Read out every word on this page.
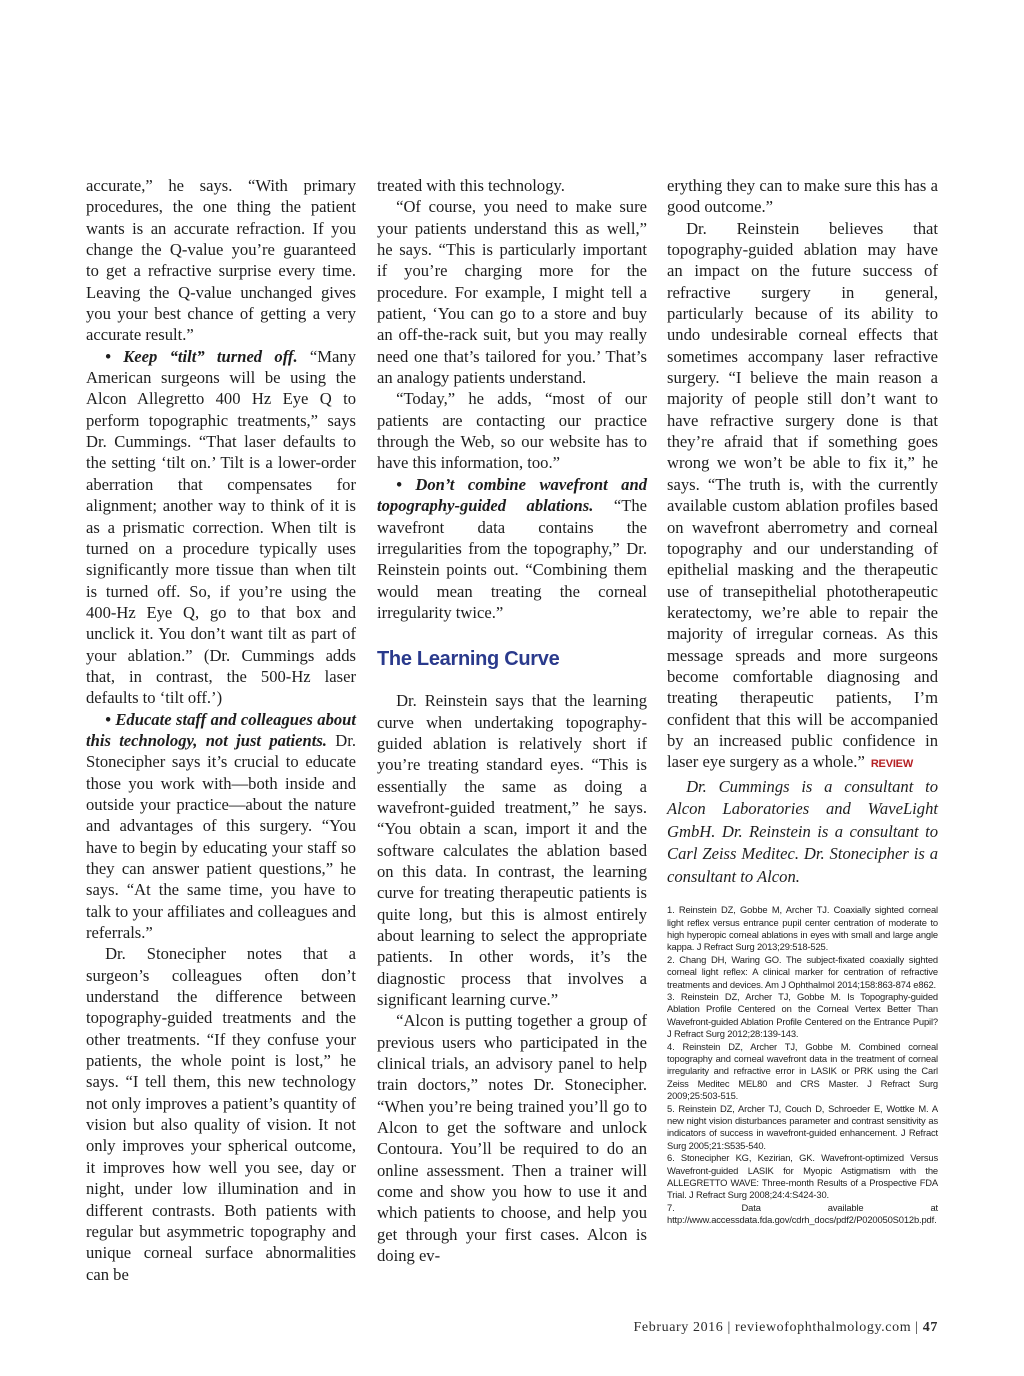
accurate,” he says. “With primary procedures, the one thing the patient wants is an accurate refraction. If you change the Q-value you’re guaranteed to get a refractive surprise every time. Leaving the Q-value unchanged gives you your best chance of getting a very accurate result.”

• Keep “tilt” turned off. “Many American surgeons will be using the Alcon Allegretto 400 Hz Eye Q to perform topographic treatments,” says Dr. Cummings. “That laser defaults to the setting ‘tilt on.’ Tilt is a lower-order aberration that compensates for alignment; another way to think of it is as a prismatic correction. When tilt is turned on a procedure typically uses significantly more tissue than when tilt is turned off. So, if you’re using the 400-Hz Eye Q, go to that box and unclick it. You don’t want tilt as part of your ablation.” (Dr. Cummings adds that, in contrast, the 500-Hz laser defaults to ‘tilt off.’)

• Educate staff and colleagues about this technology, not just patients. Dr. Stonecipher says it’s crucial to educate those you work with—both inside and outside your practice—about the nature and advantages of this surgery. “You have to begin by educating your staff so they can answer patient questions,” he says. “At the same time, you have to talk to your affiliates and colleagues and referrals.”

Dr. Stonecipher notes that a surgeon’s colleagues often don’t understand the difference between topography-guided treatments and the other treatments. “If they confuse your patients, the whole point is lost,” he says. “I tell them, this new technology not only improves a patient’s quantity of vision but also quality of vision. It not only improves your spherical outcome, it improves how well you see, day or night, under low illumination and in different contrasts. Both patients with regular but asymmetric topography and unique corneal surface abnormalities can be

treated with this technology.

“Of course, you need to make sure your patients understand this as well,” he says. “This is particularly important if you’re charging more for the procedure. For example, I might tell a patient, ‘You can go to a store and buy an off-the-rack suit, but you may really need one that’s tailored for you.’ That’s an analogy patients understand.

“Today,” he adds, “most of our patients are contacting our practice through the Web, so our website has to have this information, too.”

• Don’t combine wavefront and topography-guided ablations. “The wavefront data contains the irregularities from the topography,” Dr. Reinstein points out. “Combining them would mean treating the corneal irregularity twice.”

The Learning Curve

Dr. Reinstein says that the learning curve when undertaking topography-guided ablation is relatively short if you’re treating standard eyes. “This is essentially the same as doing a wavefront-guided treatment,” he says. “You obtain a scan, import it and the software calculates the ablation based on this data. In contrast, the learning curve for treating therapeutic patients is quite long, but this is almost entirely about learning to select the appropriate patients. In other words, it’s the diagnostic process that involves a significant learning curve.”

“Alcon is putting together a group of previous users who participated in the clinical trials, an advisory panel to help train doctors,” notes Dr. Stonecipher. “When you’re being trained you’ll go to Alcon to get the software and unlock Contoura. You’ll be required to do an online assessment. Then a trainer will come and show you how to use it and which patients to choose, and help you get through your first cases. Alcon is doing ev-

erything they can to make sure this has a good outcome.”

Dr. Reinstein believes that topography-guided ablation may have an impact on the future success of refractive surgery in general, particularly because of its ability to undo undesirable corneal effects that sometimes accompany laser refractive surgery. “I believe the main reason a majority of people still don’t want to have refractive surgery done is that they’re afraid that if something goes wrong we won’t be able to fix it,” he says. “The truth is, with the currently available custom ablation profiles based on wavefront aberrometry and corneal topography and our understanding of epithelial masking and the therapeutic use of transepithelial phototherapeutic keratectomy, we’re able to repair the majority of irregular corneas. As this message spreads and more surgeons become comfortable diagnosing and treating therapeutic patients, I’m confident that this will be accompanied by an increased public confidence in laser eye surgery as a whole.” REVIEW

Dr. Cummings is a consultant to Alcon Laboratories and WaveLight GmbH. Dr. Reinstein is a consultant to Carl Zeiss Meditec. Dr. Stonecipher is a consultant to Alcon.

1. Reinstein DZ, Gobbe M, Archer TJ. Coaxially sighted corneal light reflex versus entrance pupil center centration of moderate to high hyperopic corneal ablations in eyes with small and large angle kappa. J Refract Surg 2013;29:518-525.
2. Chang DH, Waring GO. The subject-fixated coaxially sighted corneal light reflex: A clinical marker for centration of refractive treatments and devices. Am J Ophthalmol 2014;158:863-874 e862.
3. Reinstein DZ, Archer TJ, Gobbe M. Is Topography-guided Ablation Profile Centered on the Corneal Vertex Better Than Wavefront-guided Ablation Profile Centered on the Entrance Pupil? J Refract Surg 2012;28:139-143.
4. Reinstein DZ, Archer TJ, Gobbe M. Combined corneal topography and corneal wavefront data in the treatment of corneal irregularity and refractive error in LASIK or PRK using the Carl Zeiss Meditec MEL80 and CRS Master. J Refract Surg 2009;25:503-515.
5. Reinstein DZ, Archer TJ, Couch D, Schroeder E, Wottke M. A new night vision disturbances parameter and contrast sensitivity as indicators of success in wavefront-guided enhancement. J Refract Surg 2005;21:S535-540.
6. Stonecipher KG, Kezirian, GK. Wavefront-optimized Versus Wavefront-guided LASIK for Myopic Astigmatism with the ALLEGRETTO WAVE: Three-month Results of a Prospective FDA Trial. J Refract Surg 2008;24:4:S424-30.
7. Data available at http://www.accessdata.fda.gov/cdrh_docs/pdf2/P020050S012b.pdf.
February 2016 | reviewofophthalmology.com | 47
